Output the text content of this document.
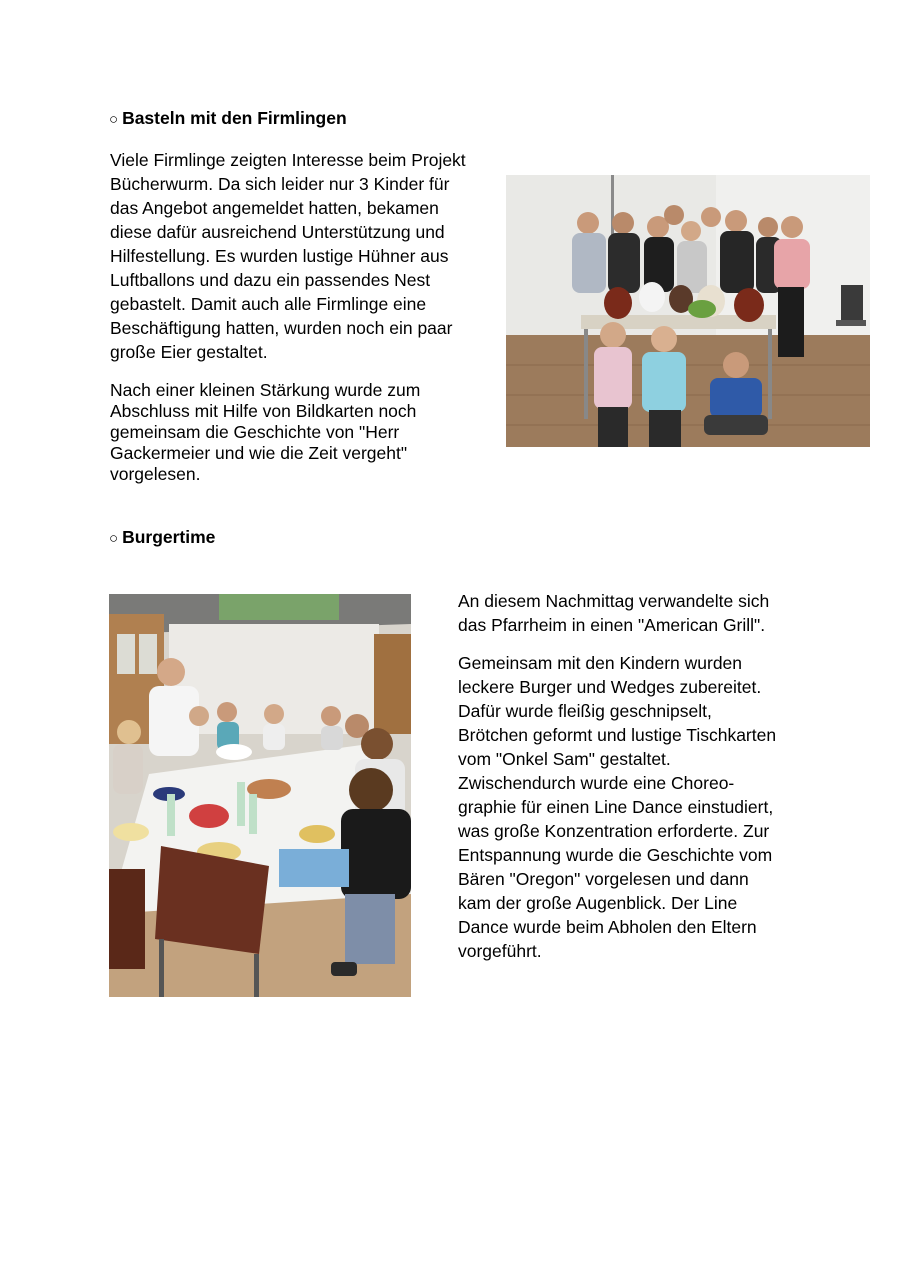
○ Basteln mit den Firmlingen

Viele Firmlinge zeigten Interesse beim Projekt
Bücherwurm. Da sich leider nur 3 Kinder für
das Angebot angemeldet hatten, bekamen
diese dafür ausreichend Unterstützung und
Hilfestellung. Es wurden lustige Hühner aus
Luftballons und dazu ein passendes Nest
gebastelt. Damit auch alle Firmlinge eine
Beschäftigung hatten, wurden noch ein paar
große Eier gestaltet.

Nach einer kleinen Stärkung wurde zum
Abschluss mit Hilfe von Bildkarten noch
gemeinsam die Geschichte von "Herr
Gackermeier und wie die Zeit vergeht"
vorgelesen.

○ Burgertime

An diesem Nachmittag verwandelte sich
das Pfarrheim in einen "American Grill".

Gemeinsam mit den Kindern wurden
leckere Burger und Wedges zubereitet.
Dafür wurde fleißig geschnipselt,
Brötchen geformt und lustige Tischkarten
vom "Onkel Sam" gestaltet.
Zwischendurch wurde eine Choreo-
graphie für einen Line Dance einstudiert,
was große Konzentration erforderte. Zur
Entspannung wurde die Geschichte vom
Bären "Oregon" vorgelesen und dann
kam der große Augenblick. Der Line
Dance wurde beim Abholen den Eltern
vorgeführt.
